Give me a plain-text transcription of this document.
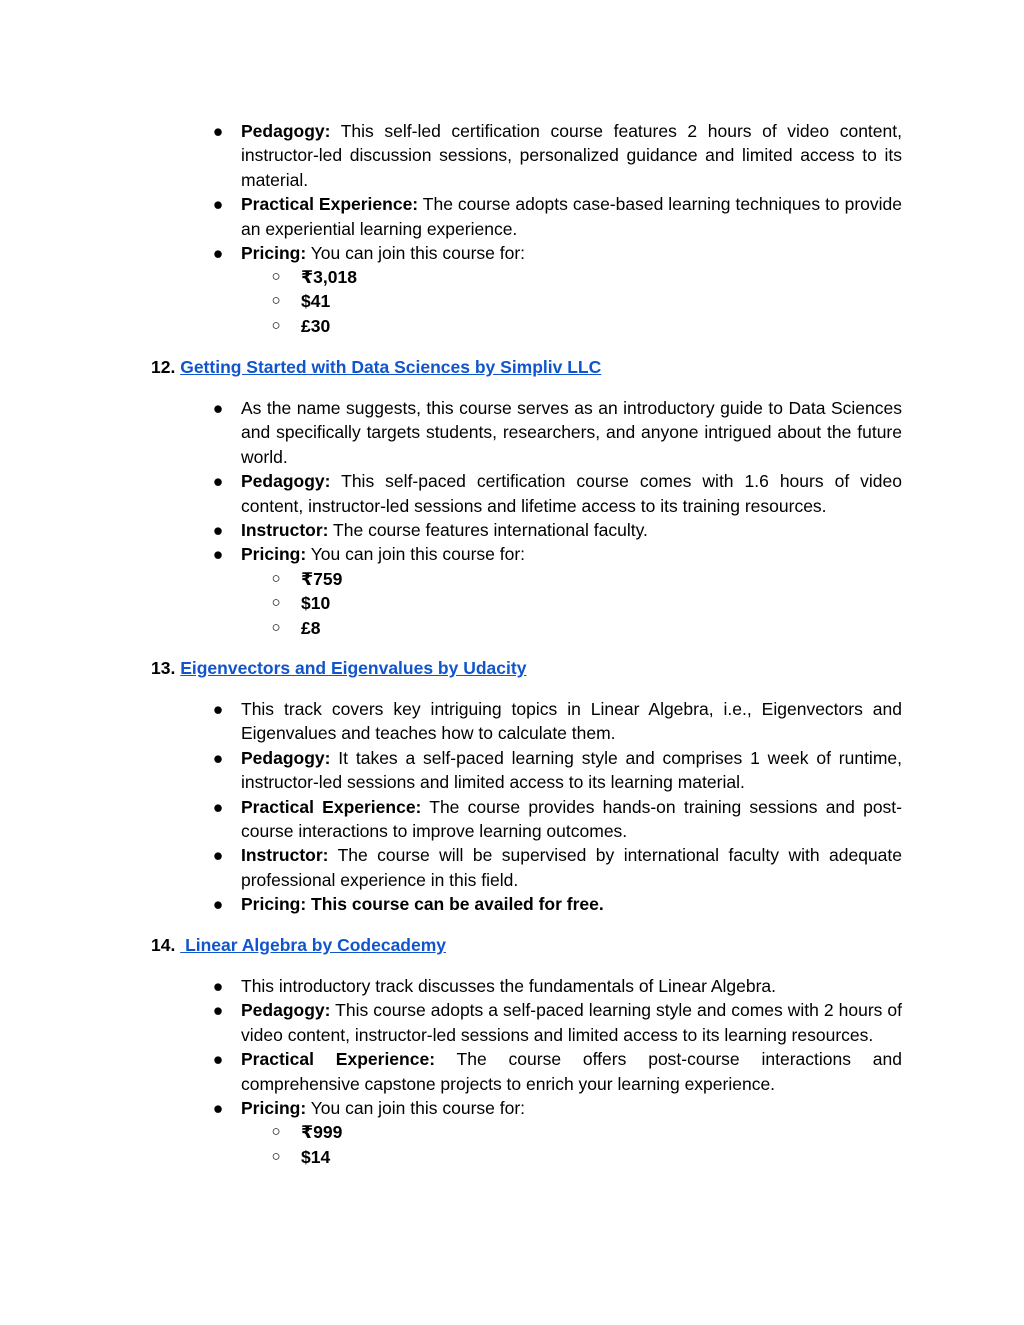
● Pedagogy: This self-led certification course features 2 hours of video content, instructor-led discussion sessions, personalized guidance and limited access to its material.
● Practical Experience: The course adopts case-based learning techniques to provide an experiential learning experience.
● Pricing: You can join this course for:
○ ₹3,018
○ $41
○ £30
12. Getting Started with Data Sciences by Simpliv LLC
● As the name suggests, this course serves as an introductory guide to Data Sciences and specifically targets students, researchers, and anyone intrigued about the future world.
● Pedagogy: This self-paced certification course comes with 1.6 hours of video content, instructor-led sessions and lifetime access to its training resources.
● Instructor: The course features international faculty.
● Pricing: You can join this course for:
○ ₹759
○ $10
○ £8
13. Eigenvectors and Eigenvalues by Udacity
● This track covers key intriguing topics in Linear Algebra, i.e., Eigenvectors and Eigenvalues and teaches how to calculate them.
● Pedagogy: It takes a self-paced learning style and comprises 1 week of runtime, instructor-led sessions and limited access to its learning material.
● Practical Experience: The course provides hands-on training sessions and post-course interactions to improve learning outcomes.
● Instructor: The course will be supervised by international faculty with adequate professional experience in this field.
● Pricing: This course can be availed for free.
14.  Linear Algebra by Codecademy
● This introductory track discusses the fundamentals of Linear Algebra.
● Pedagogy: This course adopts a self-paced learning style and comes with 2 hours of video content, instructor-led sessions and limited access to its learning resources.
● Practical Experience: The course offers post-course interactions and comprehensive capstone projects to enrich your learning experience.
● Pricing: You can join this course for:
○ ₹999
○ $14
